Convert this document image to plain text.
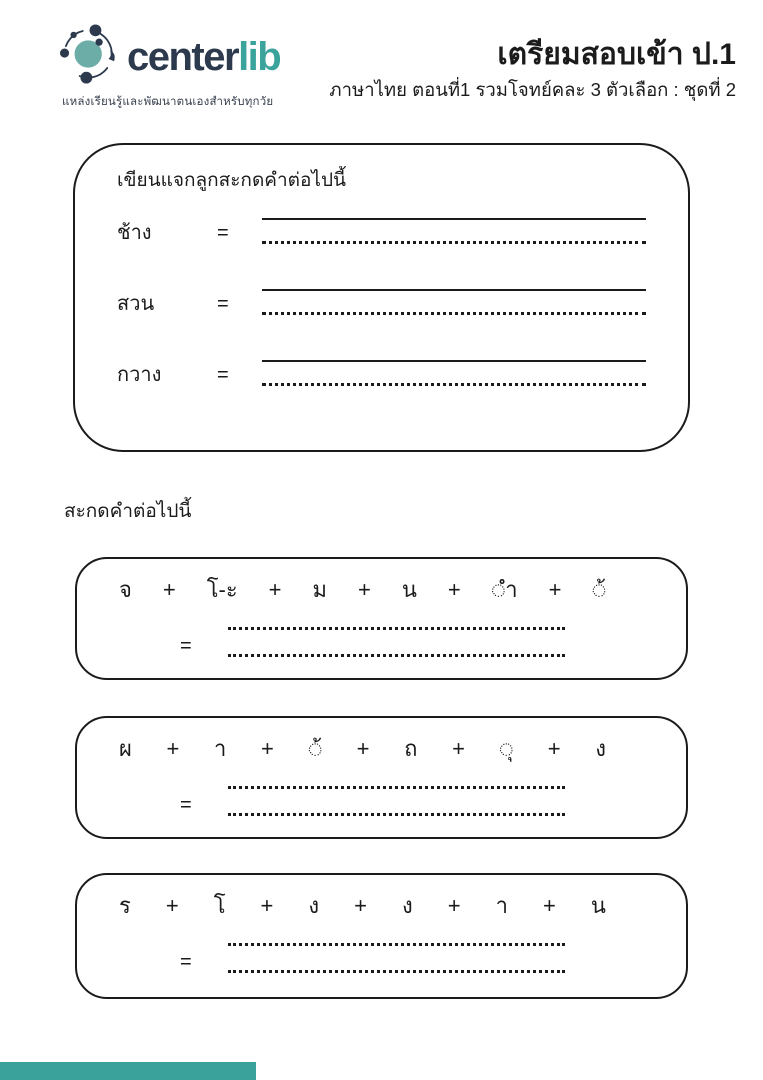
centerlib
แหล่งเรียนรู้และพัฒนาตนเองสำหรับทุกวัย
เตรียมสอบเข้า ป.1
ภาษาไทย ตอนที่1 รวมโจทย์คละ 3 ตัวเลือก : ชุดที่ 2
เขียนแจกลูกสะกดคำต่อไปนี้
ช้าง	=
สวน	=
กวาง	=
สะกดคำต่อไปนี้
จ + โ-ะ + ม + น + ◌ำ + ◌้
=
ผ + า + ◌้ + ถ + ◌ุ + ง
=
ร + โ + ง + ง + า + น
=
